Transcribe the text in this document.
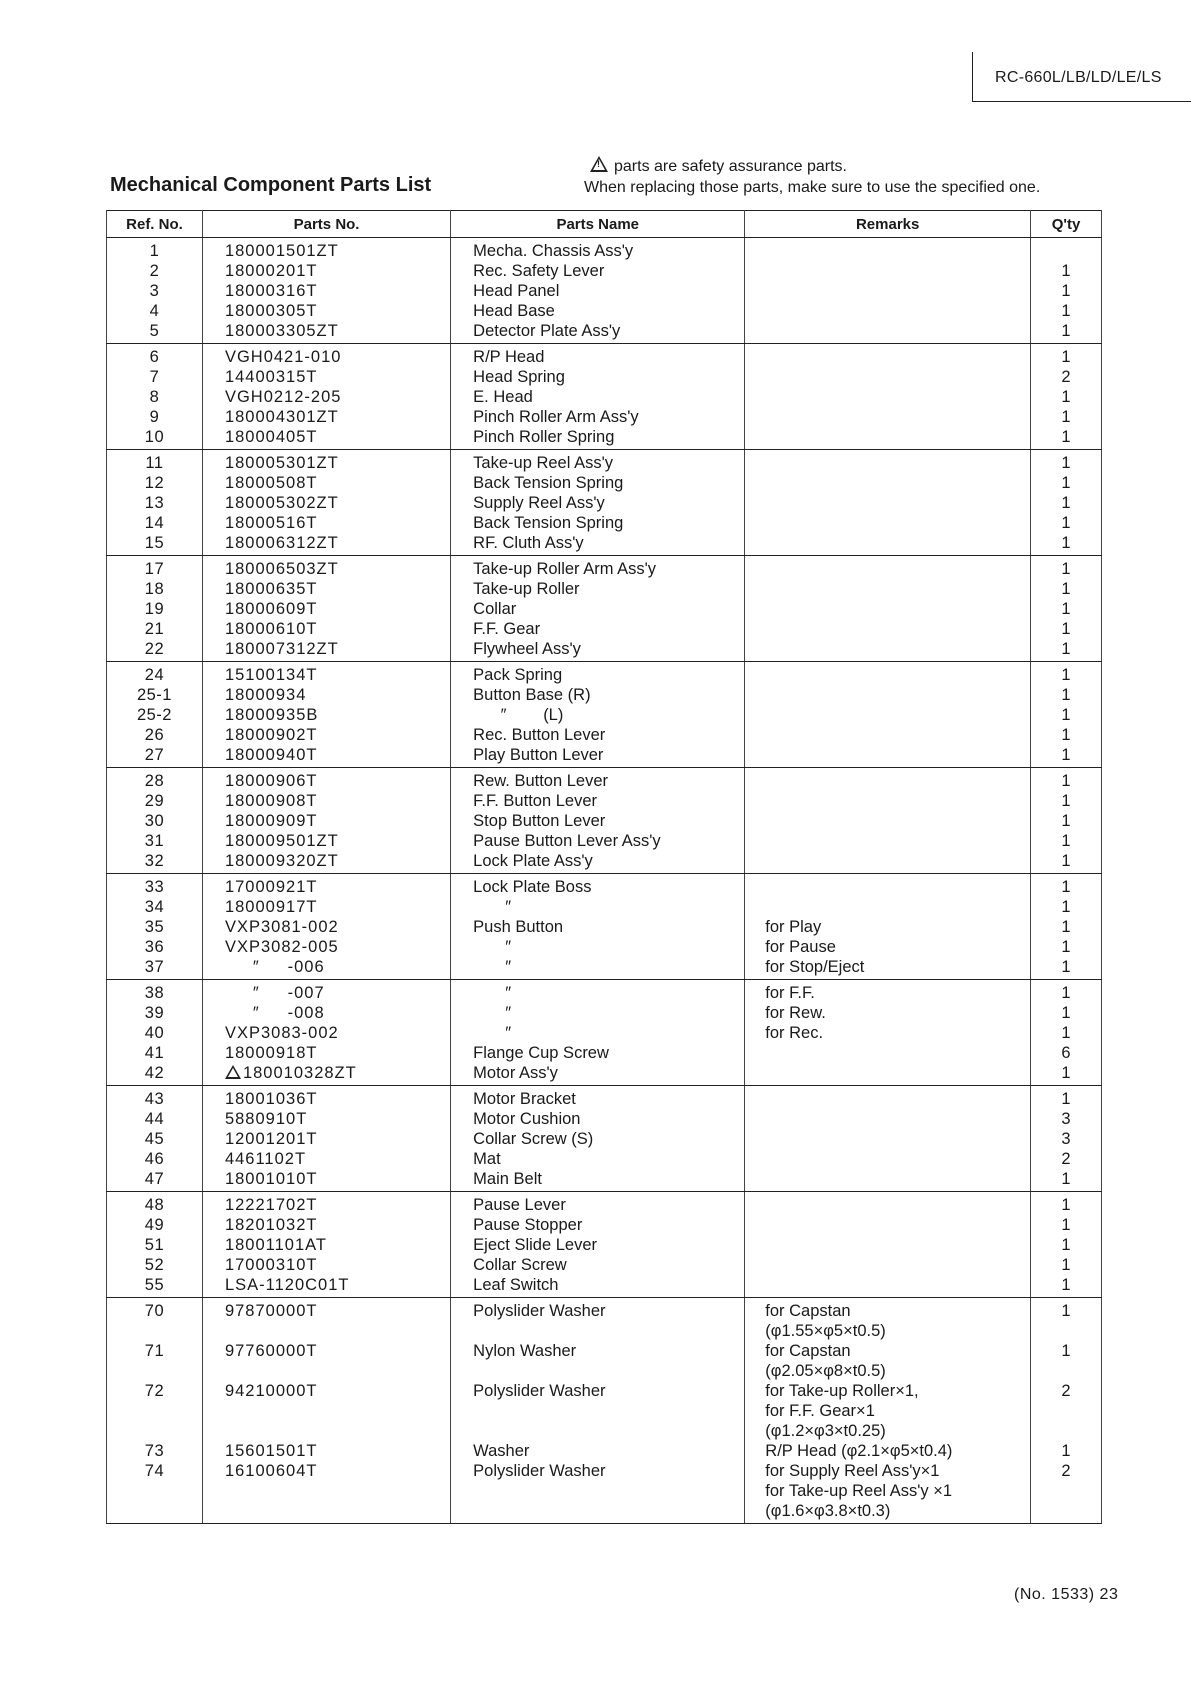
RC-660L/LB/LD/LE/LS
Mechanical Component Parts List
!parts are safety assurance parts.
When replacing those parts, make sure to use the specified one.
Ref. No.	Parts No.	Parts Name	Remarks	Q'ty
1	180001501ZT	Mecha. Chassis Ass'y		
2	18000201T	Rec. Safety Lever		1
3	18000316T	Head Panel		1
4	18000305T	Head Base		1
5	180003305ZT	Detector Plate Ass'y		1
6	VGH0421-010	R/P Head		1
7	14400315T	Head Spring		2
8	VGH0212-205	E. Head		1
9	180004301ZT	Pinch Roller Arm Ass'y		1
10	18000405T	Pinch Roller Spring		1
11	180005301ZT	Take-up Reel Ass'y		1
12	18000508T	Back Tension Spring		1
13	180005302ZT	Supply Reel Ass'y		1
14	18000516T	Back Tension Spring		1
15	180006312ZT	RF. Cluth Ass'y		1
17	180006503ZT	Take-up Roller Arm Ass'y		1
18	18000635T	Take-up Roller		1
19	18000609T	Collar		1
21	18000610T	F.F. Gear		1
22	180007312ZT	Flywheel Ass'y		1
24	15100134T	Pack Spring		1
25-1	18000934	Button Base (R)		1
25-2	18000935B	″        (L)		1
26	18000902T	Rec. Button Lever		1
27	18000940T	Play Button Lever		1
28	18000906T	Rew. Button Lever		1
29	18000908T	F.F. Button Lever		1
30	18000909T	Stop Button Lever		1
31	180009501ZT	Pause Button Lever Ass'y		1
32	180009320ZT	Lock Plate Ass'y		1
33	17000921T	Lock Plate Boss		1
34	18000917T	″		1
35	VXP3081-002	Push Button	for Play	1
36	VXP3082-005	″	for Pause	1
37	″     -006	″	for Stop/Eject	1
38	″     -007	″	for F.F.	1
39	″     -008	″	for Rew.	1
40	VXP3083-002	″	for Rec.	1
41	18000918T	Flange Cup Screw		6
42	180010328ZT	Motor Ass'y		1
43	18001036T	Motor Bracket		1
44	5880910T	Motor Cushion		3
45	12001201T	Collar Screw (S)		3
46	4461102T	Mat		2
47	18001010T	Main Belt		1
48	12221702T	Pause Lever		1
49	18201032T	Pause Stopper		1
51	18001101AT	Eject Slide Lever		1
52	17000310T	Collar Screw		1
55	LSA-1120C01T	Leaf Switch		1
70	97870000T	Polyslider Washer	for Capstan	1
			(φ1.55×φ5×t0.5)	
71	97760000T	Nylon Washer	for Capstan	1
			(φ2.05×φ8×t0.5)	
72	94210000T	Polyslider Washer	for Take-up Roller×1,	2
			for F.F. Gear×1	
			(φ1.2×φ3×t0.25)	
73	15601501T	Washer	R/P Head (φ2.1×φ5×t0.4)	1
74	16100604T	Polyslider Washer	for Supply Reel Ass'y×1	2
			for Take-up Reel Ass'y ×1	
			(φ1.6×φ3.8×t0.3)	
(No. 1533) 23
